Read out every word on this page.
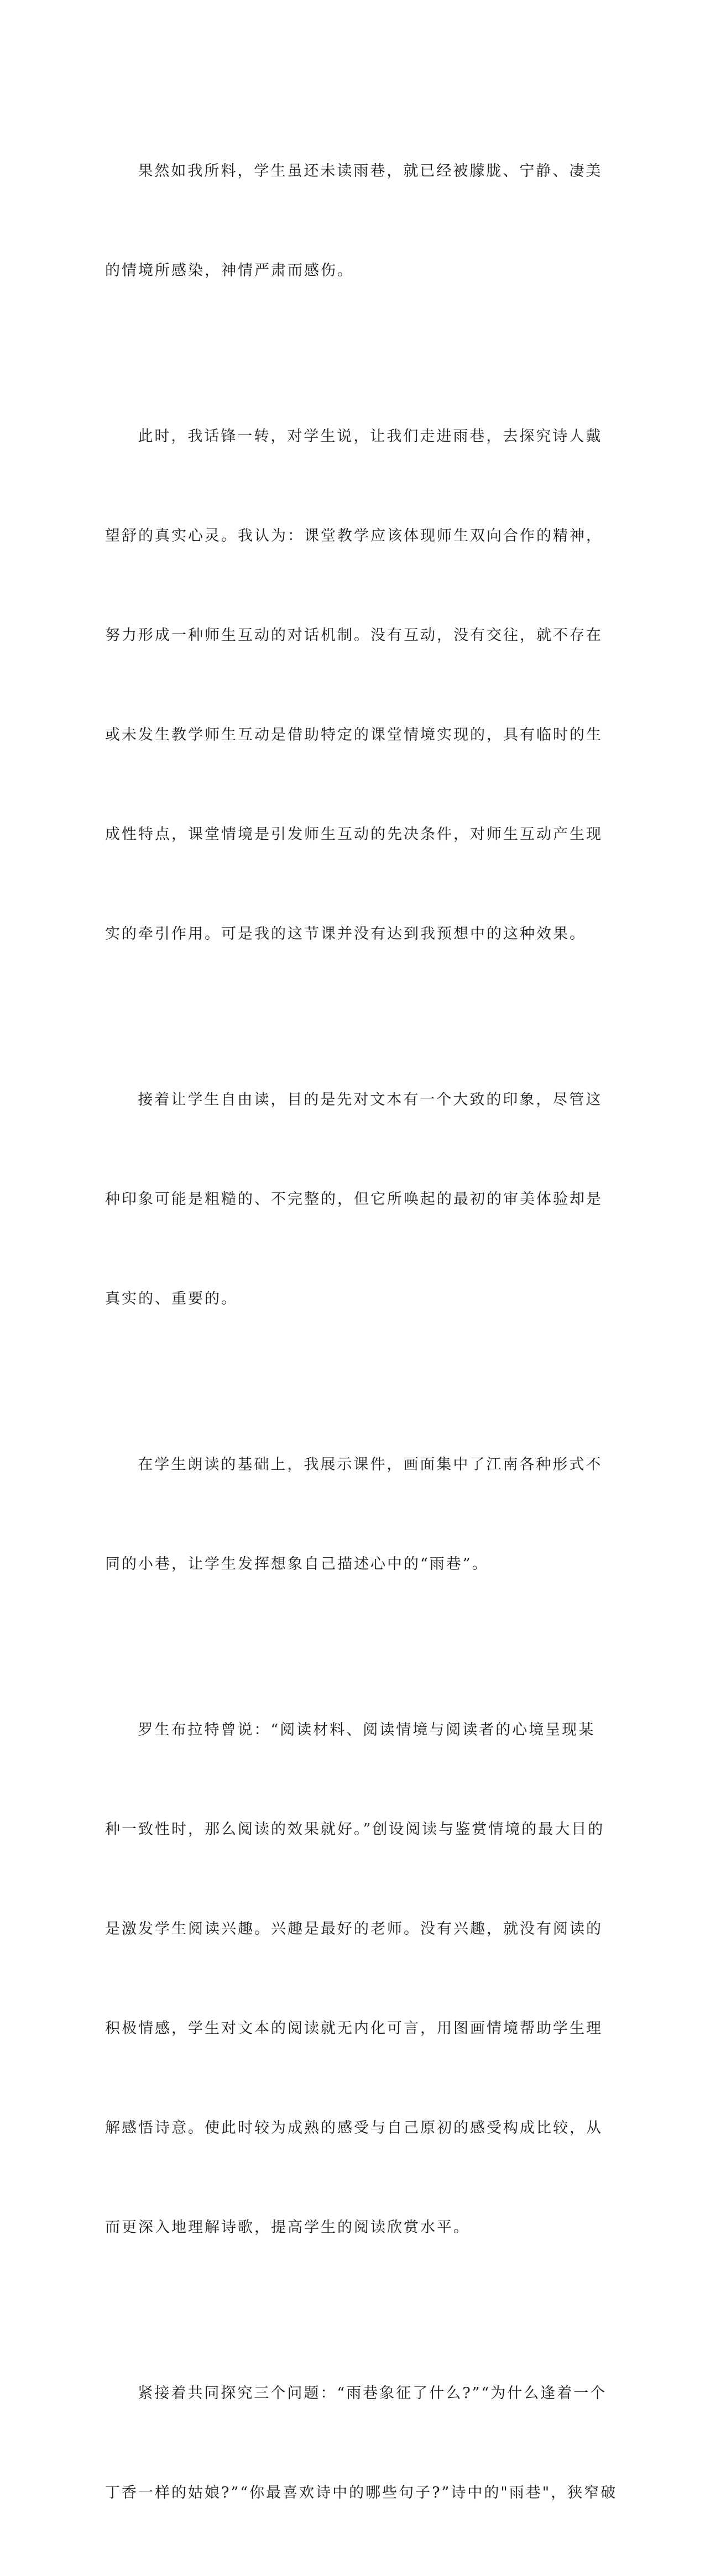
果然如我所料，学生虽还未读雨巷，就已经被朦胧、宁静、凄美

的情境所感染，神情严肃而感伤。

此时，我话锋一转，对学生说，让我们走进雨巷，去探究诗人戴

望舒的真实心灵。我认为：课堂教学应该体现师生双向合作的精神，

努力形成一种师生互动的对话机制。没有互动，没有交往，就不存在

或未发生教学师生互动是借助特定的课堂情境实现的，具有临时的生

成性特点，课堂情境是引发师生互动的先决条件，对师生互动产生现

实的牵引作用。可是我的这节课并没有达到我预想中的这种效果。

接着让学生自由读，目的是先对文本有一个大致的印象，尽管这

种印象可能是粗糙的、不完整的，但它所唤起的最初的审美体验却是

真实的、重要的。

在学生朗读的基础上，我展示课件，画面集中了江南各种形式不

同的小巷，让学生发挥想象自己描述心中的“雨巷”。

罗生布拉特曾说：“阅读材料、阅读情境与阅读者的心境呈现某

种一致性时，那么阅读的效果就好。”创设阅读与鉴赏情境的最大目的

是激发学生阅读兴趣。兴趣是最好的老师。没有兴趣，就没有阅读的

积极情感，学生对文本的阅读就无内化可言，用图画情境帮助学生理

解感悟诗意。使此时较为成熟的感受与自己原初的感受构成比较，从

而更深入地理解诗歌，提高学生的阅读欣赏水平。

紧接着共同探究三个问题：“雨巷象征了什么?”“为什么逢着一个

丁香一样的姑娘?”“你最喜欢诗中的哪些句子?”诗中的"雨巷"，狭窄破
